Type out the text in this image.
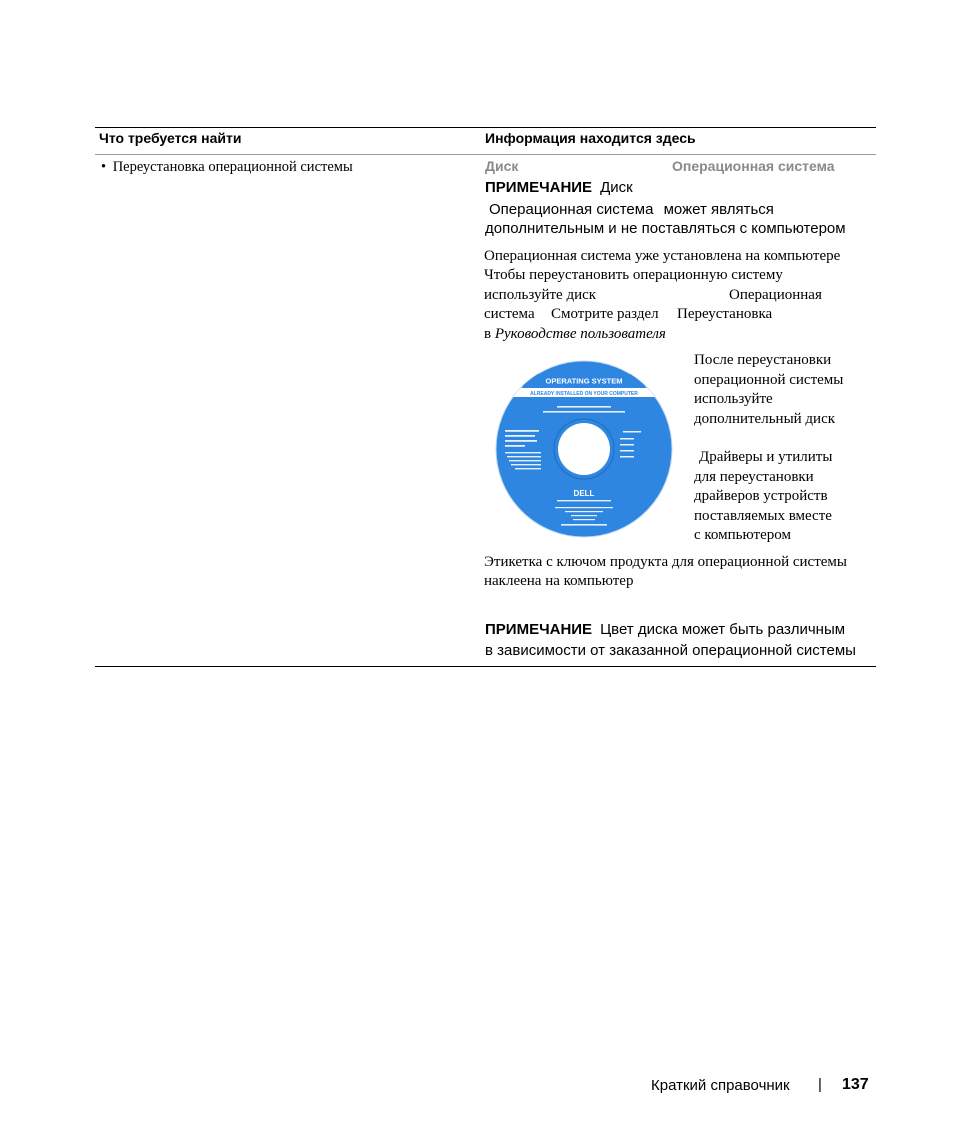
Что требуется найти	Информация находится здесь
• Переустановка операционной системы	Диск	Операционная система
ПРИМЕЧАНИЕ Диск
Операционная система может являться
дополнительным и не поставляться с компьютером
Операционная система уже установлена на компьютере
Чтобы переустановить операционную систему
используйте диск	Операционная
система Смотрите раздел Переустановка
в Руководстве пользователя
OPERATING SYSTEM
ALREADY INSTALLED ON YOUR COMPUTER
DELL
После переустановки
операционной системы
используйте
дополнительный диск
Драйверы и утилиты
для переустановки
драйверов устройств
поставляемых вместе
с компьютером
Этикетка с ключом продукта для операционной системы
наклеена на компьютер
ПРИМЕЧАНИЕ Цвет диска может быть различным
в зависимости от заказанной операционной системы
Краткий справочник | 137
